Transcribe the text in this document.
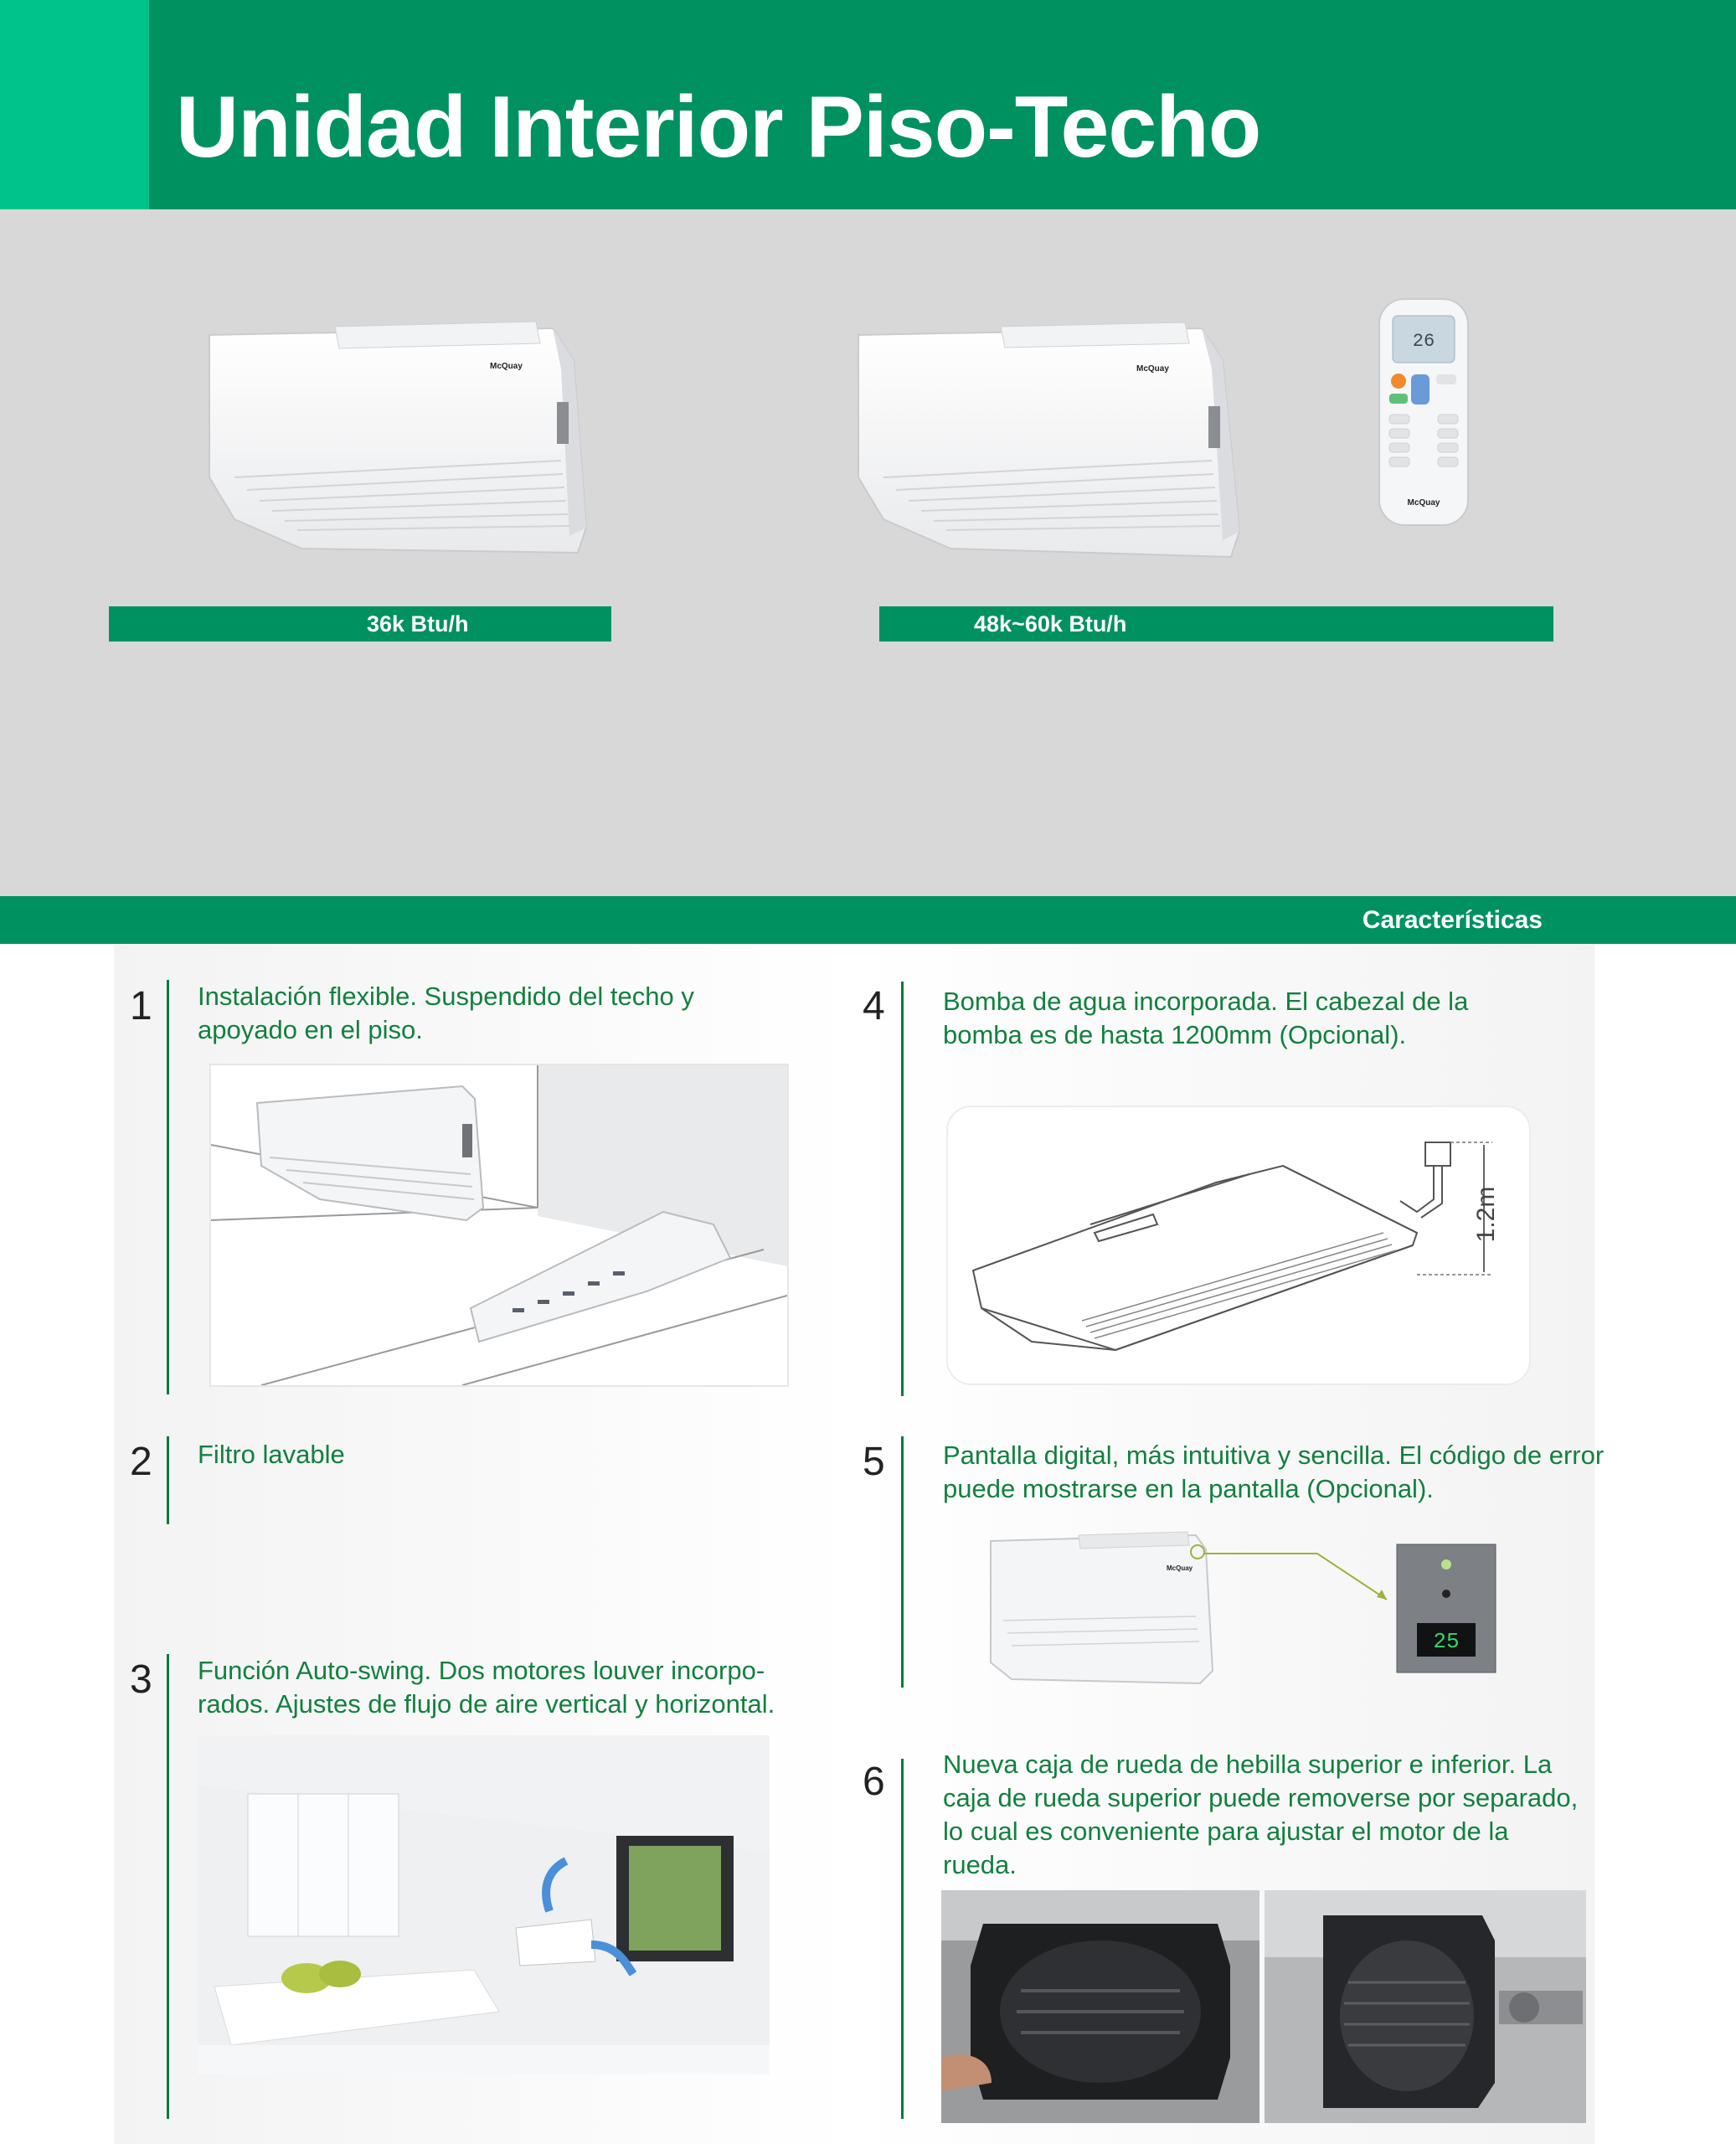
Unidad Interior Piso-Techo
McQuay	McQuay
26
McQuay
36k Btu/h	48k~60k Btu/h
Características
1 Instalación flexible. Suspendido del techo y apoyado en el piso.
2 Filtro lavable
3 Función Auto-swing. Dos motores louver incorpo-rados. Ajustes de flujo de aire vertical y horizontal.
4 Bomba de agua incorporada. El cabezal de la bomba es de hasta 1200mm (Opcional).
1.2m
5 Pantalla digital, más intuitiva y sencilla. El código de error puede mostrarse en la pantalla (Opcional).
McQuay
25
6 Nueva caja de rueda de hebilla superior e inferior. La caja de rueda superior puede removerse por separado, lo cual es conveniente para ajustar el motor de la rueda.
